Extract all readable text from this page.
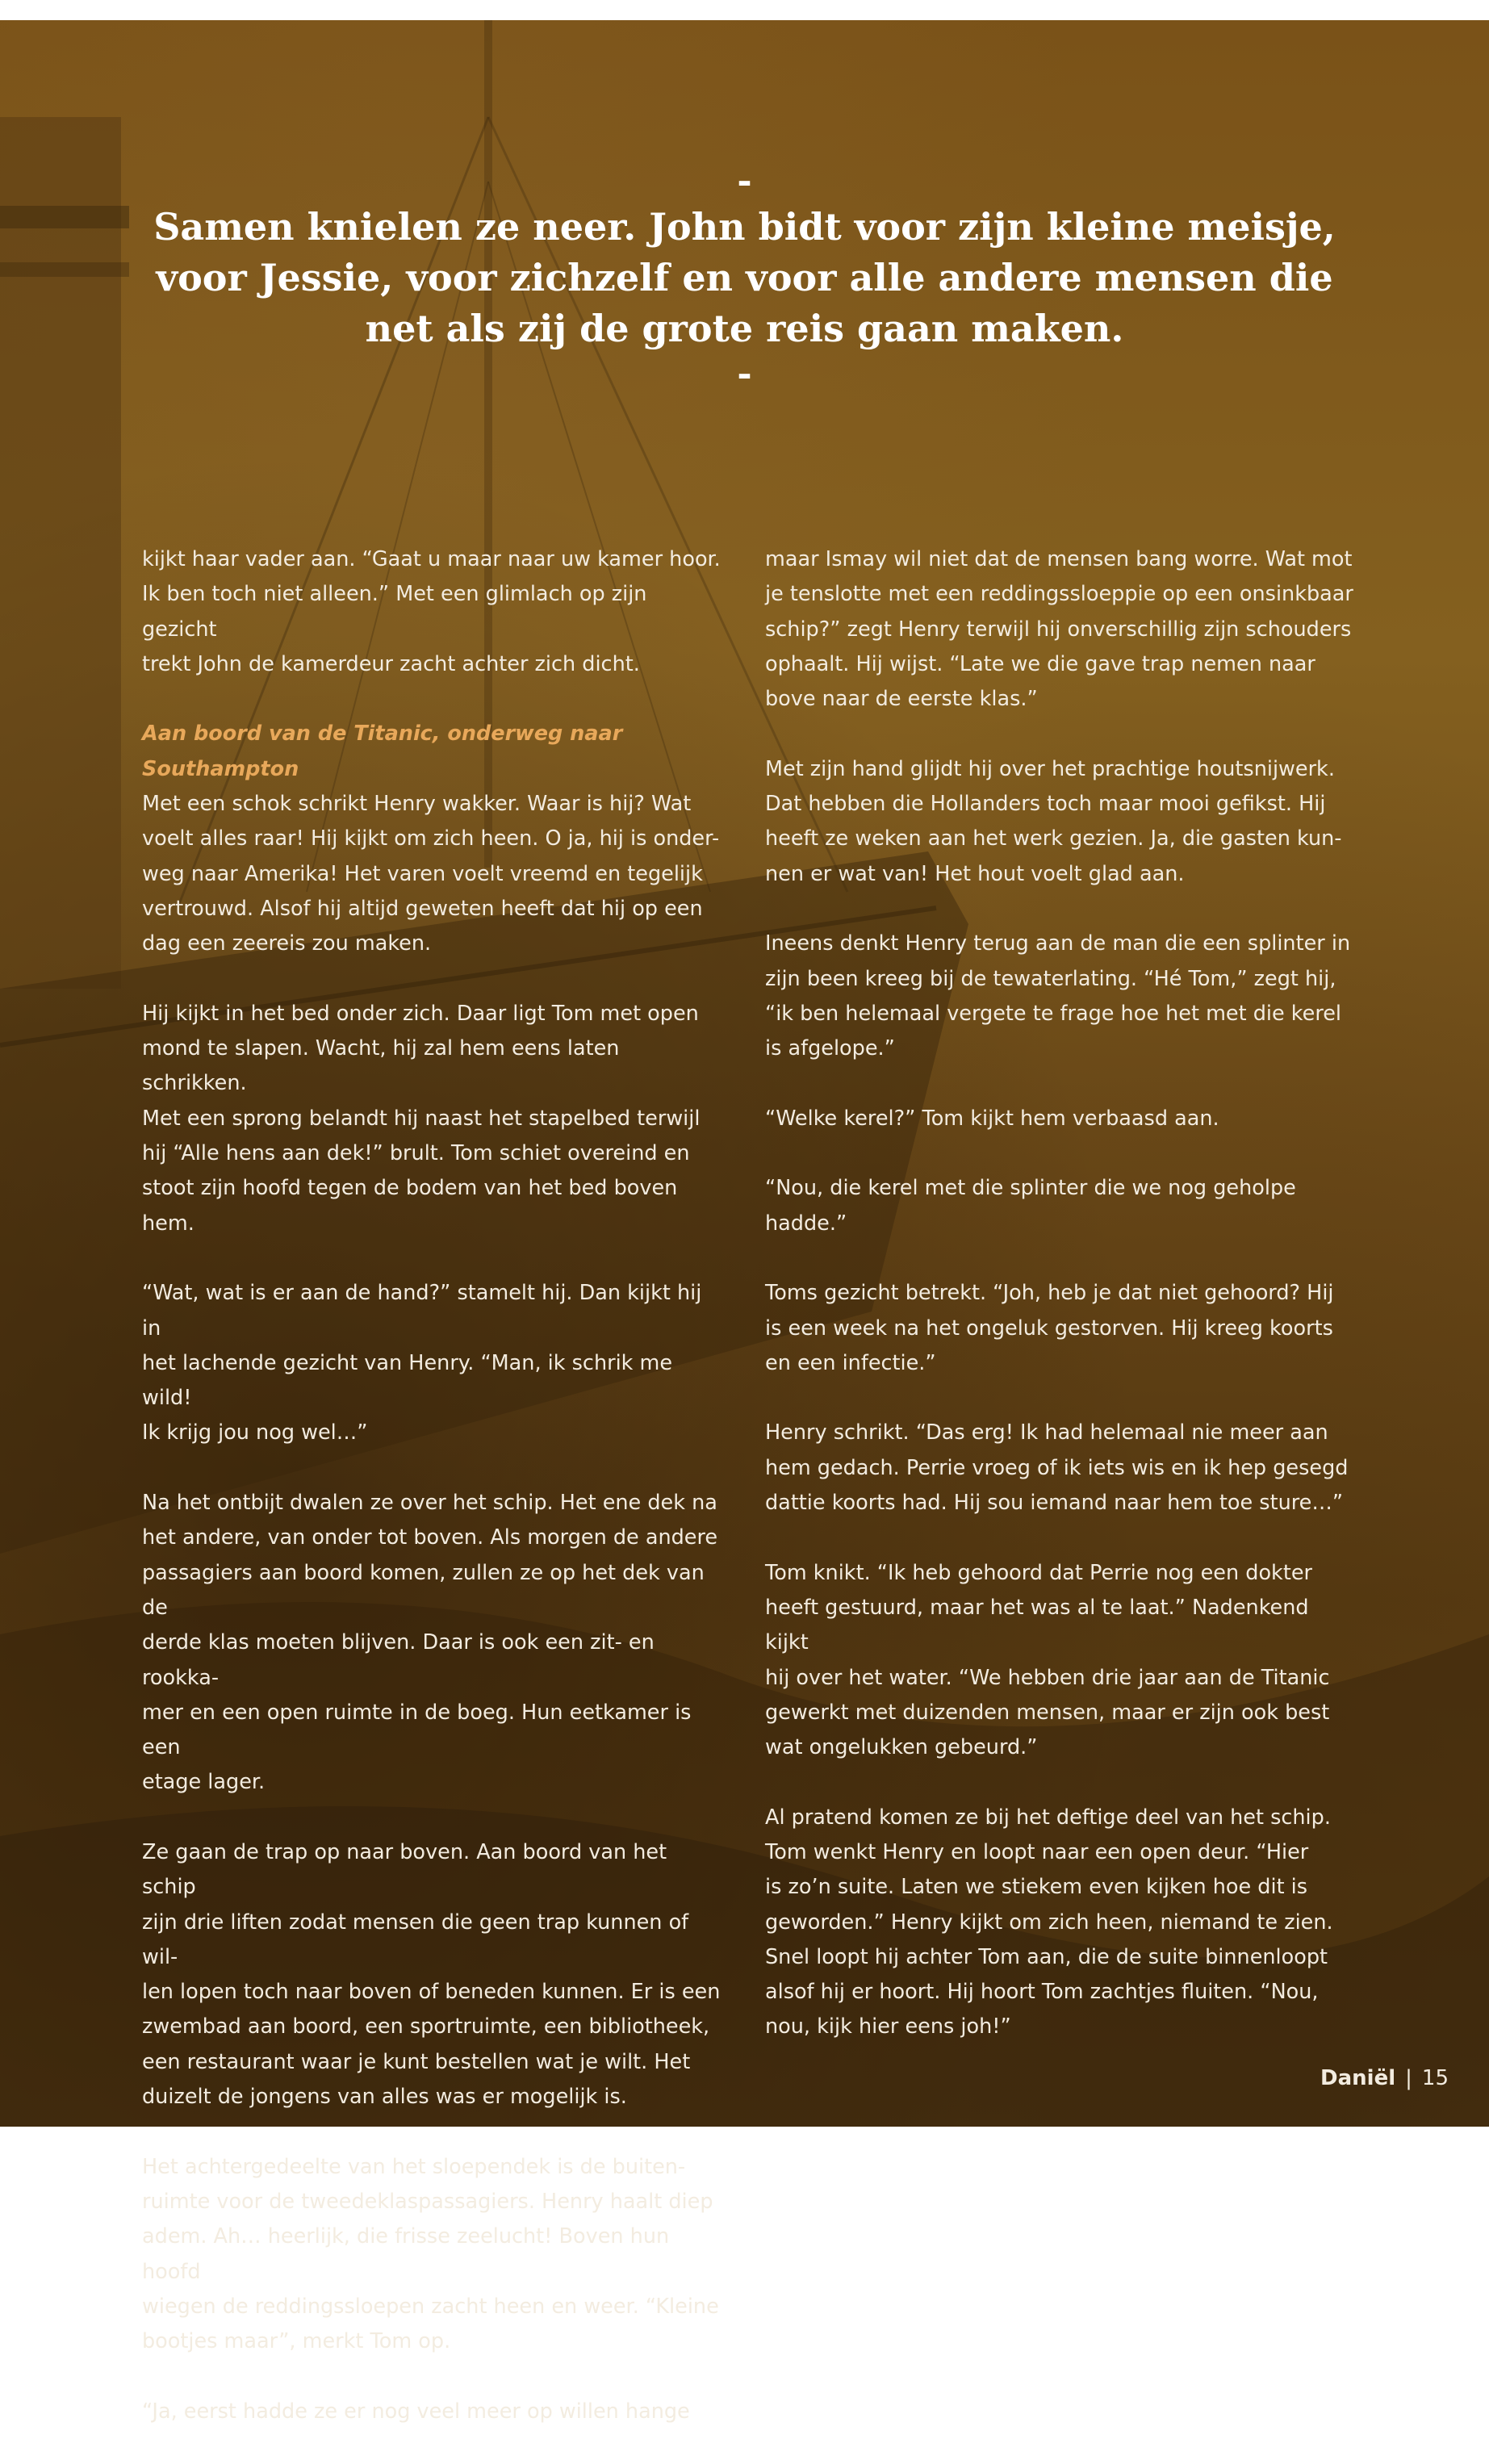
-
Samen knielen ze neer. John bidt voor zijn kleine meisje, voor Jessie, voor zichzelf en voor alle andere mensen die net als zij de grote reis gaan maken.
-

kijkt haar vader aan. “Gaat u maar naar uw kamer hoor.
Ik ben toch niet alleen.” Met een glimlach op zijn gezicht
trekt John de kamerdeur zacht achter zich dicht.

Aan boord van de Titanic, onderweg naar Southampton

Met een schok schrikt Henry wakker. Waar is hij? Wat
voelt alles raar! Hij kijkt om zich heen. O ja, hij is onder-
weg naar Amerika! Het varen voelt vreemd en tegelijk
vertrouwd. Alsof hij altijd geweten heeft dat hij op een
dag een zeereis zou maken.

Hij kijkt in het bed onder zich. Daar ligt Tom met open
mond te slapen. Wacht, hij zal hem eens laten schrikken.
Met een sprong belandt hij naast het stapelbed terwijl
hij “Alle hens aan dek!” brult. Tom schiet overeind en
stoot zijn hoofd tegen de bodem van het bed boven hem.

“Wat, wat is er aan de hand?” stamelt hij. Dan kijkt hij in
het lachende gezicht van Henry. “Man, ik schrik me wild!
Ik krijg jou nog wel…”

Na het ontbijt dwalen ze over het schip. Het ene dek na
het andere, van onder tot boven. Als morgen de andere
passagiers aan boord komen, zullen ze op het dek van de
derde klas moeten blijven. Daar is ook een zit- en rookka-
mer en een open ruimte in de boeg. Hun eetkamer is een
etage lager.

Ze gaan de trap op naar boven. Aan boord van het schip
zijn drie liften zodat mensen die geen trap kunnen of wil-
len lopen toch naar boven of beneden kunnen. Er is een
zwembad aan boord, een sportruimte, een bibliotheek,
een restaurant waar je kunt bestellen wat je wilt. Het
duizelt de jongens van alles was er mogelijk is.

Het achtergedeelte van het sloependek is de buiten-
ruimte voor de tweedeklaspassagiers. Henry haalt diep
adem. Ah… heerlijk, die frisse zeelucht! Boven hun hoofd
wiegen de reddingssloepen zacht heen en weer. “Kleine
bootjes maar”, merkt Tom op.

“Ja, eerst hadde ze er nog veel meer op willen hange

maar Ismay wil niet dat de mensen bang worre. Wat mot
je tenslotte met een reddingssloeppie op een onsinkbaar
schip?” zegt Henry terwijl hij onverschillig zijn schouders
ophaalt. Hij wijst. “Late we die gave trap nemen naar
bove naar de eerste klas.”

Met zijn hand glijdt hij over het prachtige houtsnijwerk.
Dat hebben die Hollanders toch maar mooi gefikst. Hij
heeft ze weken aan het werk gezien. Ja, die gasten kun-
nen er wat van! Het hout voelt glad aan.

Ineens denkt Henry terug aan de man die een splinter in
zijn been kreeg bij de tewaterlating. “Hé Tom,” zegt hij,
“ik ben helemaal vergete te frage hoe het met die kerel
is afgelope.”

“Welke kerel?” Tom kijkt hem verbaasd aan.

“Nou, die kerel met die splinter die we nog geholpe
hadde.”

Toms gezicht betrekt. “Joh, heb je dat niet gehoord? Hij
is een week na het ongeluk gestorven. Hij kreeg koorts
en een infectie.”

Henry schrikt. “Das erg! Ik had helemaal nie meer aan
hem gedach. Perrie vroeg of ik iets wis en ik hep gesegd
dattie koorts had. Hij sou iemand naar hem toe sture…”

Tom knikt. “Ik heb gehoord dat Perrie nog een dokter
heeft gestuurd, maar het was al te laat.” Nadenkend kijkt
hij over het water. “We hebben drie jaar aan de Titanic
gewerkt met duizenden mensen, maar er zijn ook best
wat ongelukken gebeurd.”

Al pratend komen ze bij het deftige deel van het schip.
Tom wenkt Henry en loopt naar een open deur. “Hier
is zo’n suite. Laten we stiekem even kijken hoe dit is
geworden.” Henry kijkt om zich heen, niemand te zien.
Snel loopt hij achter Tom aan, die de suite binnenloopt
alsof hij er hoort. Hij hoort Tom zachtjes fluiten. “Nou,
nou, kijk hier eens joh!”

Daniël | 15
